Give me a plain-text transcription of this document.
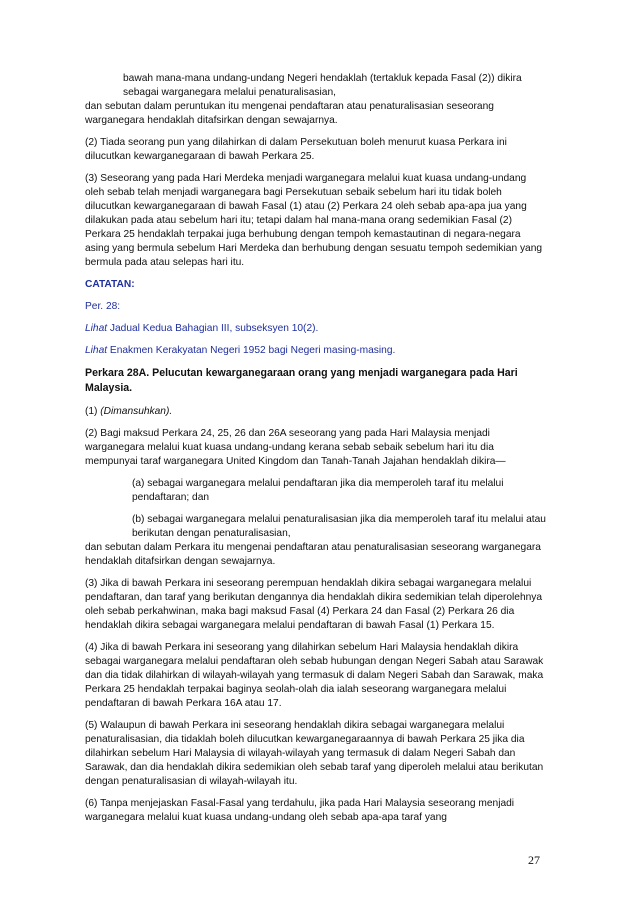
bawah mana-mana undang-undang Negeri hendaklah (tertakluk kepada Fasal (2)) dikira sebagai warganegara melalui penaturalisasian,

dan sebutan dalam peruntukan itu mengenai pendaftaran atau penaturalisasian seseorang warganegara hendaklah ditafsirkan dengan sewajarnya.

(2) Tiada seorang pun yang dilahirkan di dalam Persekutuan boleh menurut kuasa Perkara ini dilucutkan kewarganegaraan di bawah Perkara 25.

(3) Seseorang yang pada Hari Merdeka menjadi warganegara melalui kuat kuasa undang-undang oleh sebab telah menjadi warganegara bagi Persekutuan sebaik sebelum hari itu tidak boleh dilucutkan kewarganegaraan di bawah Fasal (1) atau (2) Perkara 24 oleh sebab apa-apa jua yang dilakukan pada atau sebelum hari itu; tetapi dalam hal mana-mana orang sedemikian Fasal (2) Perkara 25 hendaklah terpakai juga berhubung dengan tempoh kemastautinan di negara-negara asing yang bermula sebelum Hari Merdeka dan berhubung dengan sesuatu tempoh sedemikian yang bermula pada atau selepas hari itu.

CATATAN:

Per. 28:

Lihat Jadual Kedua Bahagian III, subseksyen 10(2).

Lihat Enakmen Kerakyatan Negeri 1952 bagi Negeri masing-masing.

Perkara 28A. Pelucutan kewarganegaraan orang yang menjadi warganegara pada Hari Malaysia.

(1) (Dimansuhkan).

(2) Bagi maksud Perkara 24, 25, 26 dan 26A seseorang yang pada Hari Malaysia menjadi warganegara melalui kuat kuasa undang-undang kerana sebab sebaik sebelum hari itu dia mempunyai taraf warganegara United Kingdom dan Tanah-Tanah Jajahan hendaklah dikira—

(a) sebagai warganegara melalui pendaftaran jika dia memperoleh taraf itu melalui pendaftaran; dan

(b) sebagai warganegara melalui penaturalisasian jika dia memperoleh taraf itu melalui atau berikutan dengan penaturalisasian,

dan sebutan dalam Perkara itu mengenai pendaftaran atau penaturalisasian seseorang warganegara hendaklah ditafsirkan dengan sewajarnya.

(3) Jika di bawah Perkara ini seseorang perempuan hendaklah dikira sebagai warganegara melalui pendaftaran, dan taraf yang berikutan dengannya dia hendaklah dikira sedemikian telah diperolehnya oleh sebab perkahwinan, maka bagi maksud Fasal (4) Perkara 24 dan Fasal (2) Perkara 26 dia hendaklah dikira sebagai warganegara melalui pendaftaran di bawah Fasal (1) Perkara 15.

(4) Jika di bawah Perkara ini seseorang yang dilahirkan sebelum Hari Malaysia hendaklah dikira sebagai warganegara melalui pendaftaran oleh sebab hubungan dengan Negeri Sabah atau Sarawak dan dia tidak dilahirkan di wilayah-wilayah yang termasuk di dalam Negeri Sabah dan Sarawak, maka Perkara 25 hendaklah terpakai baginya seolah-olah dia ialah seseorang warganegara melalui pendaftaran di bawah Perkara 16A atau 17.

(5) Walaupun di bawah Perkara ini seseorang hendaklah dikira sebagai warganegara melalui penaturalisasian, dia tidaklah boleh dilucutkan kewarganegaraannya di bawah Perkara 25 jika dia dilahirkan sebelum Hari Malaysia di wilayah-wilayah yang termasuk di dalam Negeri Sabah dan Sarawak, dan dia hendaklah dikira sedemikian oleh sebab taraf yang diperoleh melalui atau berikutan dengan penaturalisasian di wilayah-wilayah itu.

(6) Tanpa menjejaskan Fasal-Fasal yang terdahulu, jika pada Hari Malaysia seseorang menjadi warganegara melalui kuat kuasa undang-undang oleh sebab apa-apa taraf yang

27
